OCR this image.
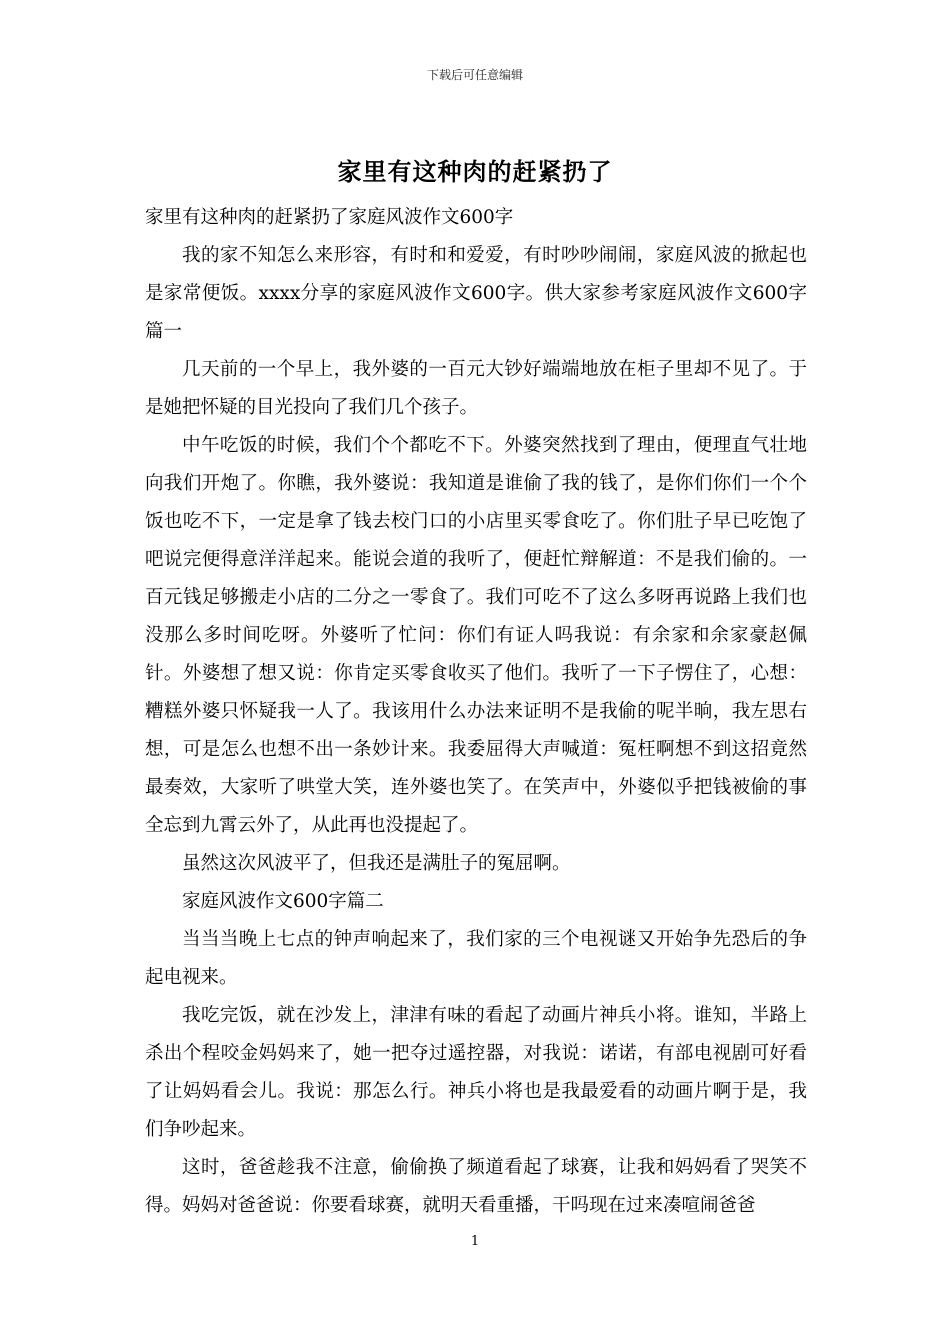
下载后可任意编辑
家里有这种肉的赶紧扔了

家里有这种肉的赶紧扔了家庭风波作文600字

我的家不知怎么来形容，有时和和爱爱，有时吵吵闹闹，家庭风波的掀起也是家常便饭。xxxx分享的家庭风波作文600字。供大家参考家庭风波作文600字篇一

几天前的一个早上，我外婆的一百元大钞好端端地放在柜子里却不见了。于是她把怀疑的目光投向了我们几个孩子。

中午吃饭的时候，我们个个都吃不下。外婆突然找到了理由，便理直气壮地向我们开炮了。你瞧，我外婆说：我知道是谁偷了我的钱了，是你们你们一个个饭也吃不下，一定是拿了钱去校门口的小店里买零食吃了。你们肚子早已吃饱了吧说完便得意洋洋起来。能说会道的我听了，便赶忙辩解道：不是我们偷的。一百元钱足够搬走小店的二分之一零食了。我们可吃不了这么多呀再说路上我们也没那么多时间吃呀。外婆听了忙问：你们有证人吗我说：有余家和余家豪赵佩针。外婆想了想又说：你肯定买零食收买了他们。我听了一下子愣住了，心想：糟糕外婆只怀疑我一人了。我该用什么办法来证明不是我偷的呢半晌，我左思右想，可是怎么也想不出一条妙计来。我委屈得大声喊道：冤枉啊想不到这招竟然最奏效，大家听了哄堂大笑，连外婆也笑了。在笑声中，外婆似乎把钱被偷的事全忘到九霄云外了，从此再也没提起了。

虽然这次风波平了，但我还是满肚子的冤屈啊。

家庭风波作文600字篇二

当当当晚上七点的钟声响起来了，我们家的三个电视谜又开始争先恐后的争起电视来。

我吃完饭，就在沙发上，津津有味的看起了动画片神兵小将。谁知，半路上杀出个程咬金妈妈来了，她一把夺过遥控器，对我说：诺诺，有部电视剧可好看了让妈妈看会儿。我说：那怎么行。神兵小将也是我最爱看的动画片啊于是，我们争吵起来。

这时，爸爸趁我不注意，偷偷换了频道看起了球赛，让我和妈妈看了哭笑不得。妈妈对爸爸说：你要看球赛，就明天看重播，干吗现在过来凑喧闹爸爸

1
